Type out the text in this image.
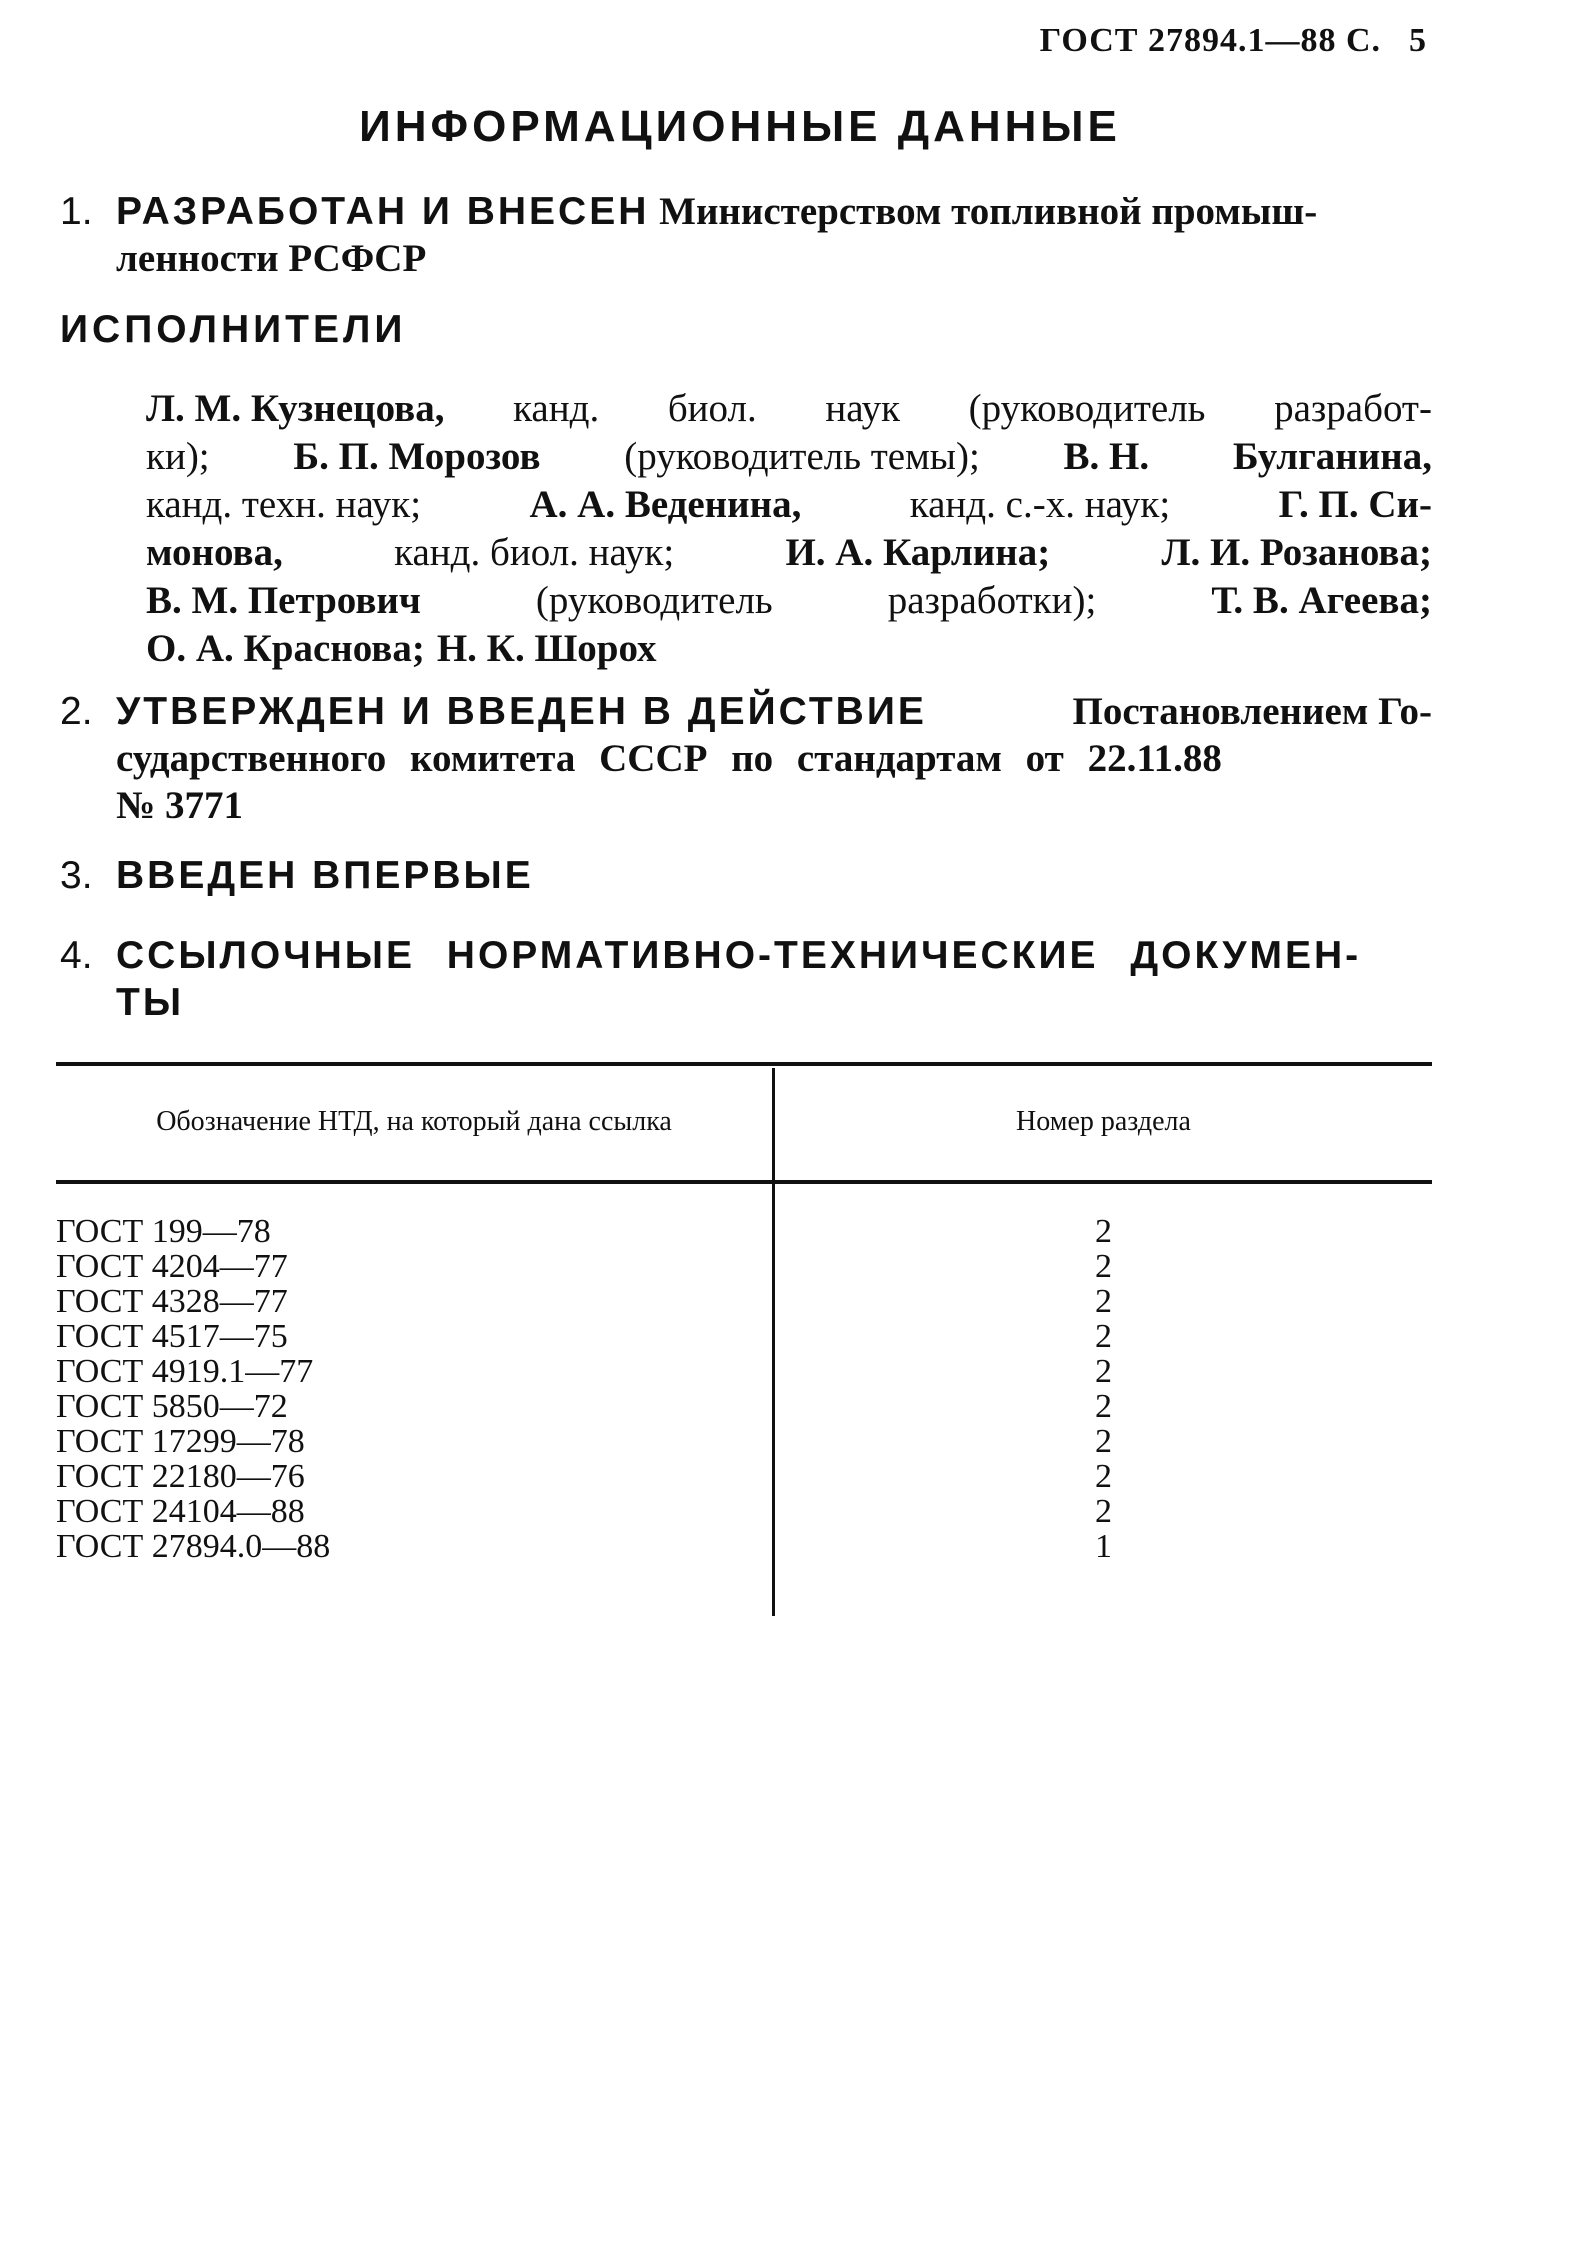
ГОСТ 27894.1—88 С. 5
ИНФОРМАЦИОННЫЕ ДАННЫЕ
1. РАЗРАБОТАН И ВНЕСЕН Министерством топливной промыш-
ленности РСФСР
ИСПОЛНИТЕЛИ
Л. М. Кузнецова, канд. биол. наук (руководитель разработ-
ки); Б. П. Морозов (руководитель темы); В. Н. Булганина,
канд. техн. наук;	А. А. Веденина,	канд. с.-х. наук;	Г. П. Си-
монова,	канд. биол. наук;	И. А. Карлина;	Л. И. Розанова;
В. М. Петрович	(руководитель	разработки);	Т. В. Агеева;
О. А. Краснова; Н. К. Шорох
2. УТВЕРЖДЕН И ВВЕДЕН В ДЕЙСТВИЕ	Постановлением Го-
сударственного комитета СССР по стандартам от 22.11.88
№ 3771
3. ВВЕДЕН ВПЕРВЫЕ
4. ССЫЛОЧНЫЕ НОРМАТИВНО-ТЕХНИЧЕСКИЕ ДОКУМЕН-
ТЫ
Обозначение НТД, на который дана ссылка	Номер раздела
ГОСТ 199—78	2
ГОСТ 4204—77	2
ГОСТ 4328—77	2
ГОСТ 4517—75	2
ГОСТ 4919.1—77	2
ГОСТ 5850—72	2
ГОСТ 17299—78	2
ГОСТ 22180—76	2
ГОСТ 24104—88	2
ГОСТ 27894.0—88	1
